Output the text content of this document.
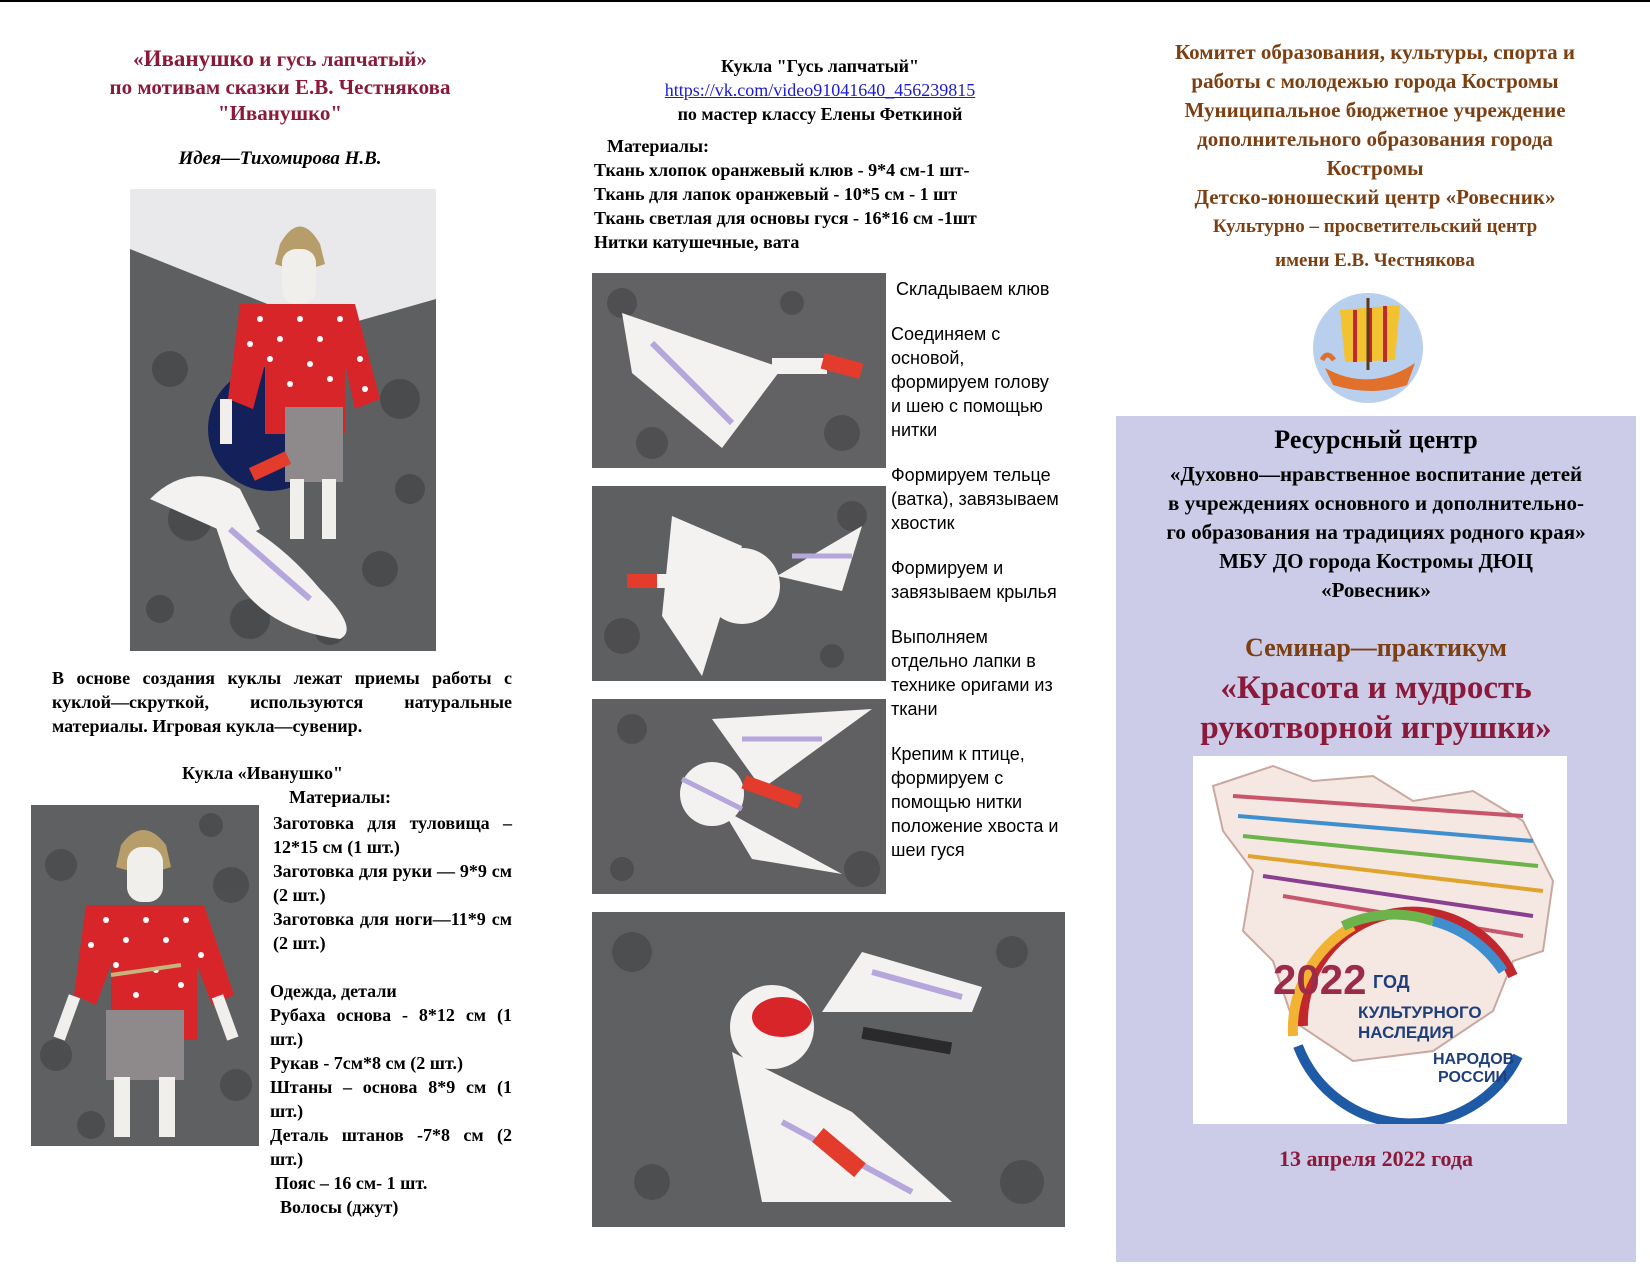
«Иванушко и гусь лапчатый»
по мотивам сказки Е.В. Честнякова
"Иванушко"
Идея—Тихомирова Н.В.
В основе создания куклы лежат приемы работы с куклой—скруткой, используются натуральные материалы. Игровая кукла—сувенир.
Кукла «Иванушко"
Материалы:
Заготовка для туловища –12*15 см (1 шт.)
Заготовка для руки — 9*9 см (2 шт.)
Заготовка для ноги—11*9 см (2 шт.)
Одежда, детали
Рубаха основа - 8*12 см (1 шт.)
Рукав - 7см*8 см (2 шт.)
Штаны – основа 8*9 см (1 шт.)
Деталь штанов -7*8 см (2 шт.)
Пояс – 16 см- 1 шт.
Волосы (джут)
Кукла "Гусь лапчатый"
https://vk.com/video91041640_456239815
по мастер классу Елены Феткиной
Материалы:
Ткань хлопок оранжевый клюв - 9*4 см-1 шт-
Ткань для лапок оранжевый - 10*5 см - 1 шт
Ткань светлая для основы гуся - 16*16 см -1шт
Нитки катушечные, вата

Складываем клюв

Соединяем с основой, формируем голову и шею с помощью нитки

Формируем тельце (ватка), завязываем хвостик

Формируем и завязываем крылья

Выполняем отдельно лапки в технике оригами из ткани

Крепим к птице, формируем с помощью нитки положение хвоста и шеи гуся

Комитет образования, культуры, спорта и
работы с молодежью города Костромы
Муниципальное бюджетное учреждение
дополнительного образования города
Костромы
Детско-юношеский центр «Ровесник»
Культурно – просветительский центр
имени Е.В. Честнякова
Ресурсный центр
«Духовно—нравственное воспитание детей
в учреждениях основного и дополнительно-
го образования на традициях родного края»
МБУ ДО города Костромы ДЮЦ
«Ровесник»
Семинар—практикум
«Красота и мудрость
рукотворной игрушки»
2022 ГОД
КУЛЬТУРНОГО
НАСЛЕДИЯ
НАРОДОВ
РОССИИ
13 апреля 2022 года
